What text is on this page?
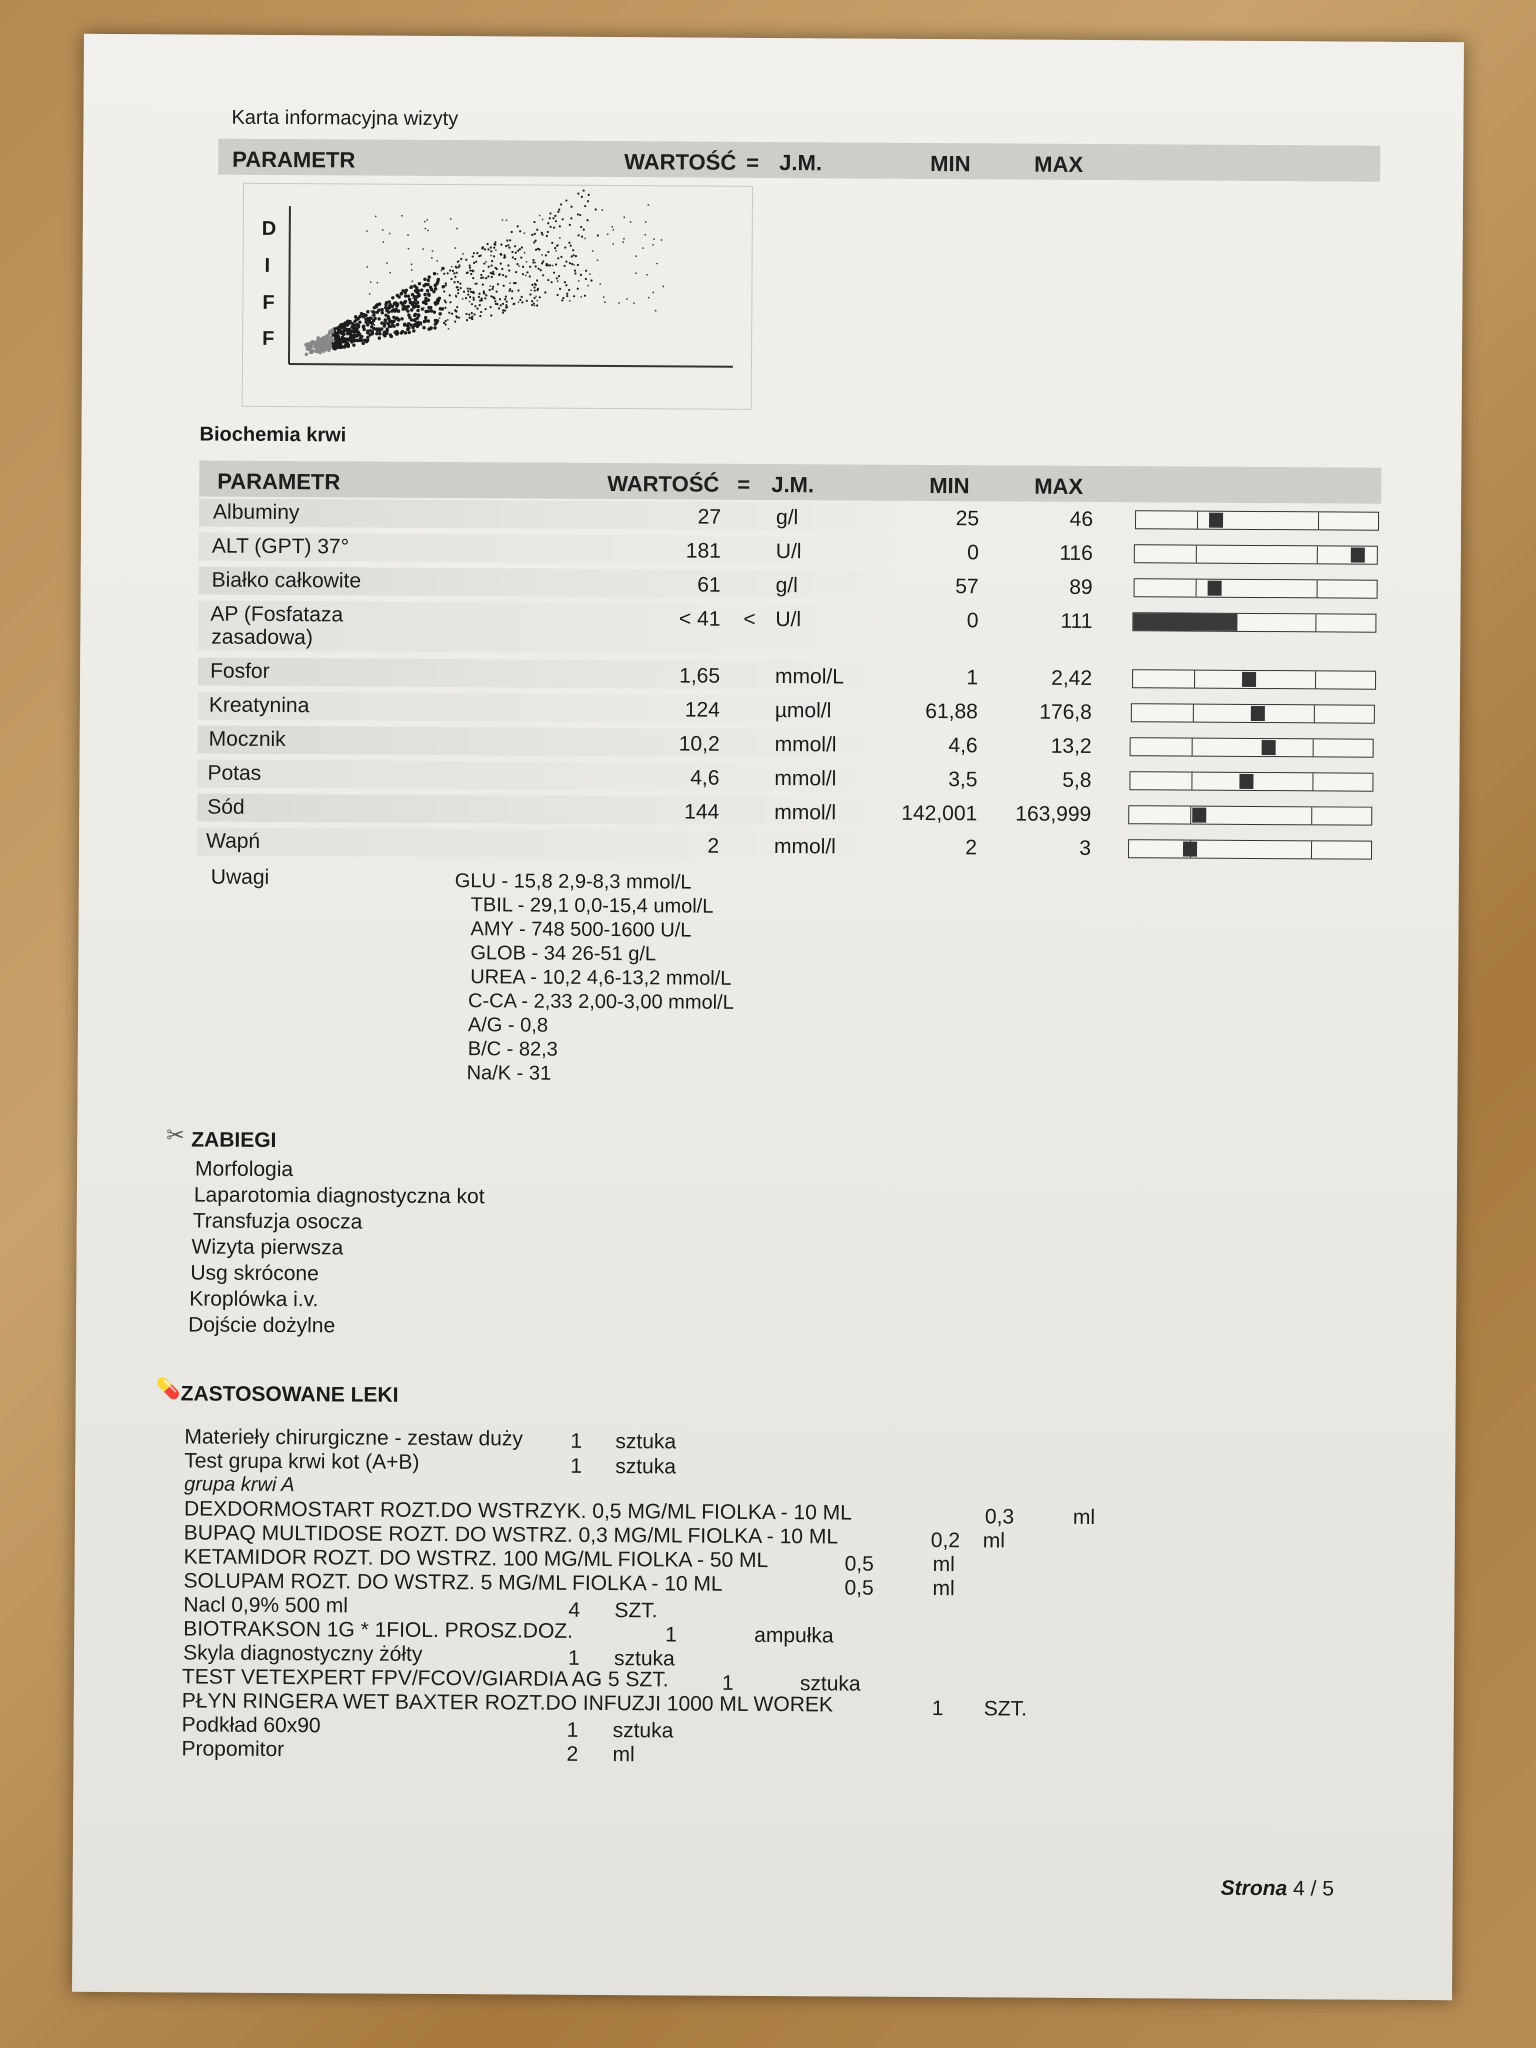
Karta informacyjna wizyty
PARAMETR	WARTOŚĆ = J.M.	MIN	MAX
D
I
F
F
Biochemia krwi
PARAMETR	WARTOŚĆ = J.M.	MIN	MAX
Albuminy	27	g/l	25	46
ALT (GPT) 37°	181	U/l	0	116
Białko całkowite	61	g/l	57	89
AP (Fosfataza
zasadowa)
< 41 < U/l	0	111
Fosfor	1,65	mmol/L	1	2,42
Kreatynina	124	µmol/l	61,88	176,8
Mocznik	10,2	mmol/l	4,6	13,2
Potas	4,6	mmol/l	3,5	5,8
Sód	144	mmol/l	142,001 163,999
Wapń	2	mmol/l	2	3
Uwagi	GLU - 15,8 2,9-8,3 mmol/L
TBIL - 29,1 0,0-15,4 umol/L
AMY - 748 500-1600 U/L
GLOB - 34 26-51 g/L
UREA - 10,2 4,6-13,2 mmol/L
C-CA - 2,33 2,00-3,00 mmol/L
A/G - 0,8
B/C - 82,3
Na/K - 31
✂ ZABIEGI
Morfologia
Laparotomia diagnostyczna kot
Transfuzja osocza
Wizyta pierwsza
Usg skrócone
Kroplówka i.v.
Dojście dożylne
💊 ZASTOSOWANE LEKI
Materiełу chirurgiczne - zestaw duży 1 sztuka
Test grupa krwi kot (A+B)	1 sztuka
grupa krwi A
DEXDORMOSTART ROZT.DO WSTRZYK. 0,5 MG/ML FIOLKA - 10 ML	0,3	ml
BUPAQ MULTIDOSE ROZT. DO WSTRZ. 0,3 MG/ML FIOLKA - 10 ML	0,2 ml
KETAMIDOR ROZT. DO WSTRZ. 100 MG/ML FIOLKA - 50 ML	0,5	ml
SOLUPAM ROZT. DO WSTRZ. 5 MG/ML FIOLKA - 10 ML	0,5	ml
Nacl 0,9% 500 ml	4 SZT.
BIOTRAKSON 1G * 1FIOL. PROSZ.DOZ.	1	ampułka
Skyla diagnostyczny żółty	1 sztuka
TEST VETEXPERT FPV/FCOV/GIARDIA AG 5 SZT.	1	sztuka
PŁYN RINGERA WET BAXTER ROZT.DO INFUZJI 1000 ML WOREK	1 SZT.
Podkład 60x90	1 sztuka
Propomitor	2 ml
Strona 4 / 5
